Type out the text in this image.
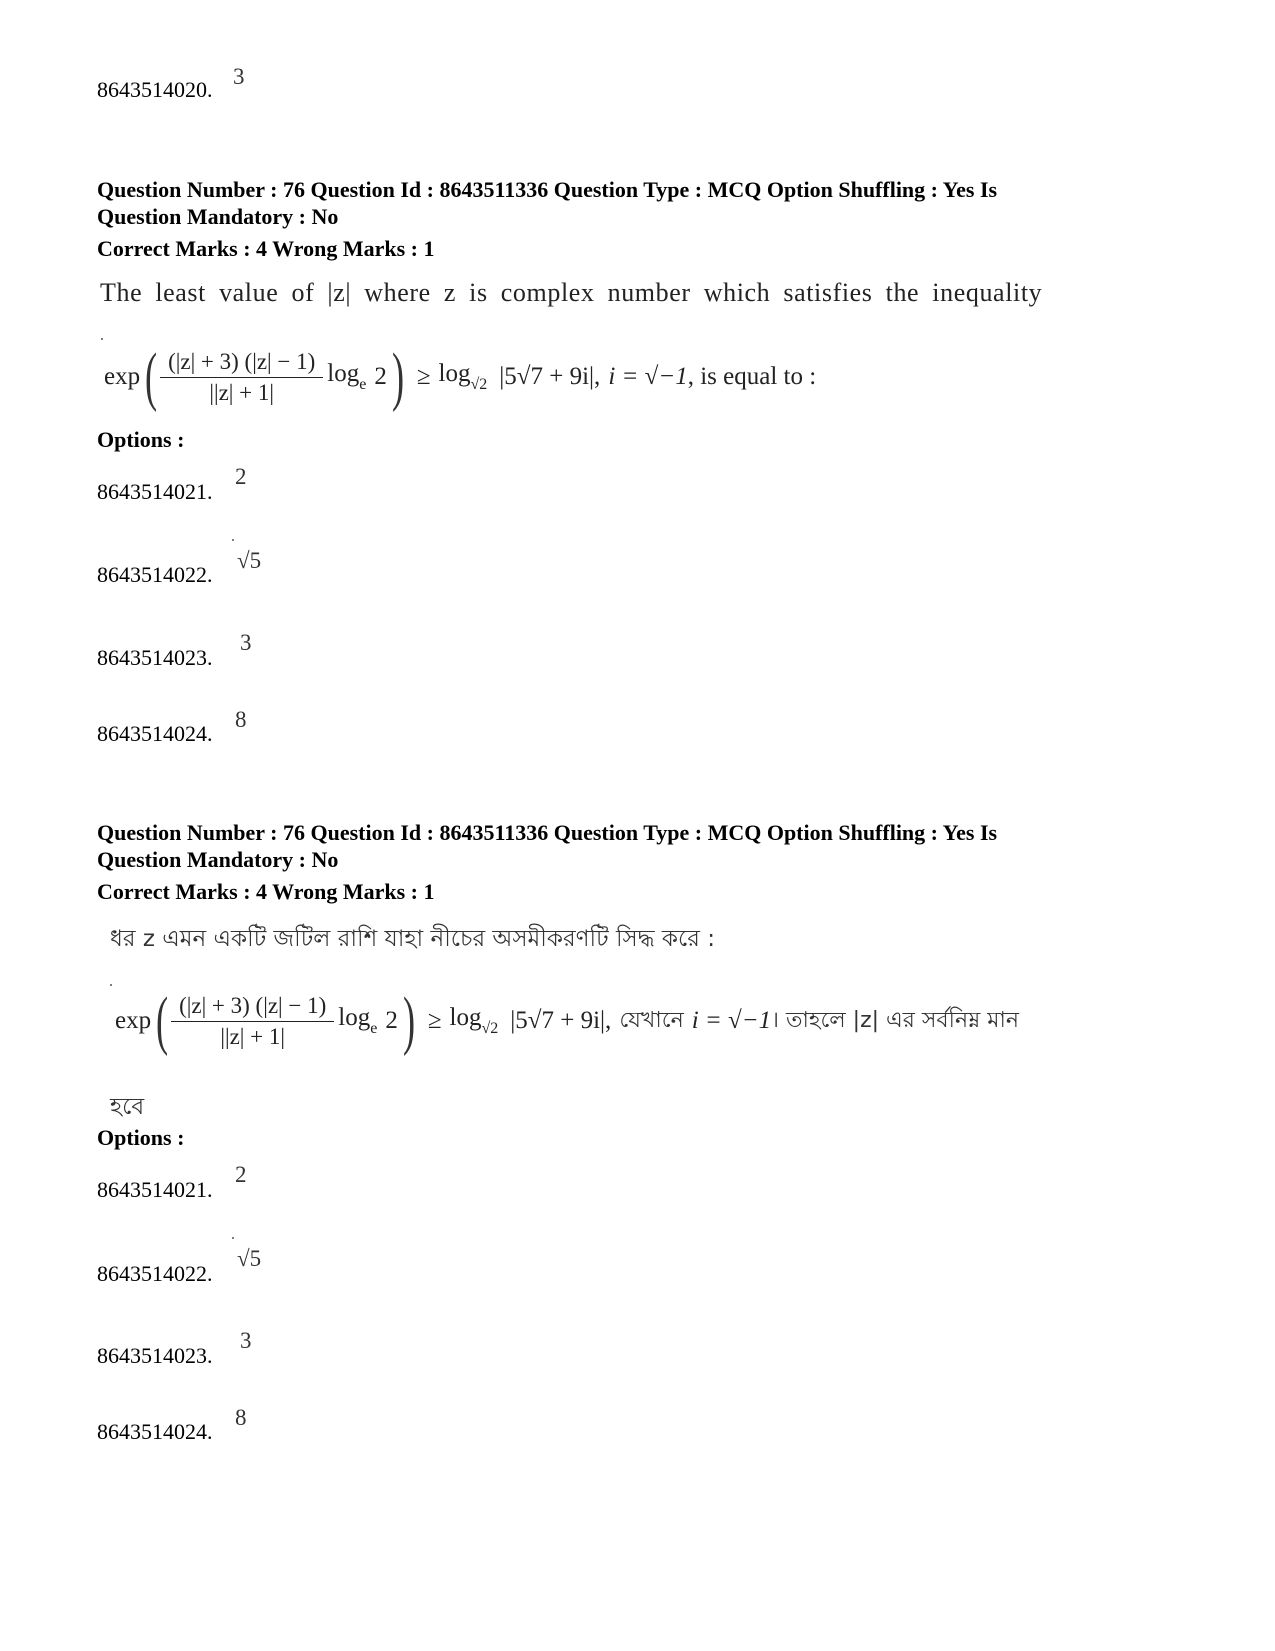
8643514020.
3
Question Number : 76 Question Id : 8643511336 Question Type : MCQ Option Shuffling : Yes Is
Question Mandatory : No
Correct Marks : 4 Wrong Marks : 1
The least value of |z| where z is complex number which satisfies the inequality
exp ( $\frac{(|z| + 3) (|z| - 1)}{||z| + 1|} \log_e 2$ ) ≥ $\log_{√2} |5√7 + 9i|$, i = √−1 , is equal to :
Options :
8643514021.
2
8643514022.
√5
8643514023.
3
8643514024.
8
Question Number : 76 Question Id : 8643511336 Question Type : MCQ Option Shuffling : Yes Is
Question Mandatory : No
Correct Marks : 4 Wrong Marks : 1
ধর z এমন একটি জটিল রাশি যাহা নীচের অসমীকরণটি সিদ্ধ করে :
exp ( $\frac{(|z| + 3) (|z| - 1)}{||z| + 1|} \log_e 2$ ) ≥ $\log_{√2} |5√7 + 9i|$, যেখানে i = √−1 । তাহলে |z| এর সর্বনিম্ন মান
হবে
Options :
8643514021.
2
8643514022.
√5
8643514023.
3
8643514024.
8
